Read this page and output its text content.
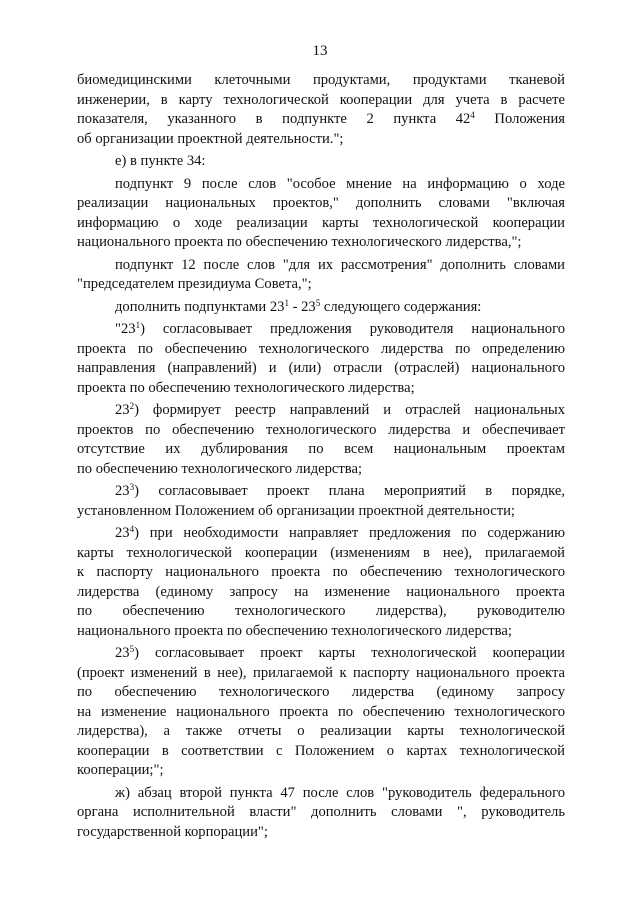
13
биомедицинскими клеточными продуктами, продуктами тканевой
инженерии, в карту технологической кооперации для учета в расчете
показателя, указанного в подпункте 2 пункта $42^4$ Положения
об организации проектной деятельности.";
е) в пункте 34:
подпункт 9 после слов "особое мнение на информацию о ходе
реализации национальных проектов," дополнить словами "включая
информацию о ходе реализации карты технологической кооперации
национального проекта по обеспечению технологического лидерства,";
подпункт 12 после слов "для их рассмотрения" дополнить словами
"председателем президиума Совета,";
дополнить подпунктами $23^1 - 23^5$ следующего содержания:
"$23^1$) согласовывает предложения руководителя национального
проекта по обеспечению технологического лидерства по определению
направления (направлений) и (или) отрасли (отраслей) национального
проекта по обеспечению технологического лидерства;
$23^2$) формирует реестр направлений и отраслей национальных
проектов по обеспечению технологического лидерства и обеспечивает
отсутствие их дублирования по всем национальным проектам
по обеспечению технологического лидерства;
$23^3$) согласовывает проект плана мероприятий в порядке,
установленном Положением об организации проектной деятельности;
$23^4$) при необходимости направляет предложения по содержанию
карты технологической кооперации (изменениям в нее), прилагаемой
к паспорту национального проекта по обеспечению технологического
лидерства (единому запросу на изменение национального проекта
по обеспечению технологического лидерства), руководителю
национального проекта по обеспечению технологического лидерства;
$23^5$) согласовывает проект карты технологической кооперации
(проект изменений в нее), прилагаемой к паспорту национального проекта
по обеспечению технологического лидерства (единому запросу
на изменение национального проекта по обеспечению технологического
лидерства), а также отчеты о реализации карты технологической
кооперации в соответствии с Положением о картах технологической
кооперации;";
ж) абзац второй пункта 47 после слов "руководитель федерального
органа исполнительной власти" дополнить словами ", руководитель
государственной корпорации";
